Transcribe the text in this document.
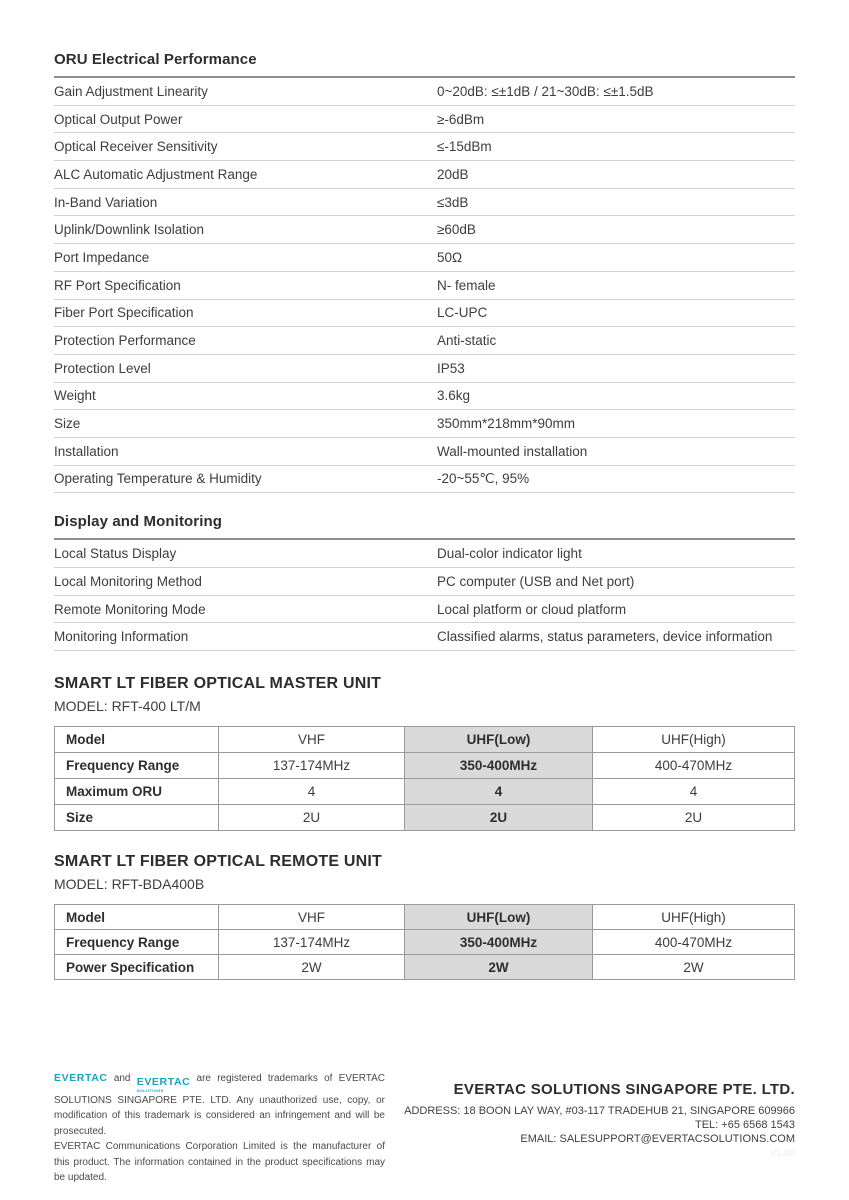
ORU Electrical Performance
Gain Adjustment Linearity	0~20dB: ≤±1dB / 21~30dB: ≤±1.5dB
Optical Output Power	≥-6dBm
Optical Receiver Sensitivity	≤-15dBm
ALC Automatic Adjustment Range	20dB
In-Band Variation	≤3dB
Uplink/Downlink Isolation	≥60dB
Port Impedance	50Ω
RF Port Specification	N- female
Fiber Port Specification	LC-UPC
Protection Performance	Anti-static
Protection Level	IP53
Weight	3.6kg
Size	350mm*218mm*90mm
Installation	Wall-mounted installation
Operating Temperature & Humidity	-20~55℃, 95%
Display and Monitoring
Local Status Display	Dual-color indicator light
Local Monitoring Method	PC computer (USB and Net port)
Remote Monitoring Mode	Local platform or cloud platform
Monitoring Information	Classified alarms, status parameters, device information
SMART LT FIBER OPTICAL MASTER UNIT
MODEL: RFT-400 LT/M
Model	VHF	UHF(Low)	UHF(High)
Frequency Range	137-174MHz	350-400MHz	400-470MHz
Maximum ORU	4	4	4
Size	2U	2U	2U
SMART LT FIBER OPTICAL REMOTE UNIT
MODEL: RFT-BDA400B
Model	VHF	UHF(Low)	UHF(High)
Frequency Range	137-174MHz	350-400MHz	400-470MHz
Power Specification	2W	2W	2W

EVERTAC and EVERTAC
SOLUTIONS
are registered trademarks of EVERTAC SOLUTIONS SINGAPORE PTE. LTD. Any unauthorized use, copy, or modification of this trademark is considered an infringement and will be prosecuted.

EVERTAC Communications Corporation Limited is the manufacturer of this product. The information contained in the product specifications may be updated.

EVERTAC SOLUTIONS SINGAPORE PTE. LTD.
ADDRESS: 18 BOON LAY WAY, #03-117 TRADEHUB 21, SINGAPORE 609966
TEL: +65 6568 1543
EMAIL: SALESUPPORT@EVERTACSOLUTIONS.COM
V1.00
